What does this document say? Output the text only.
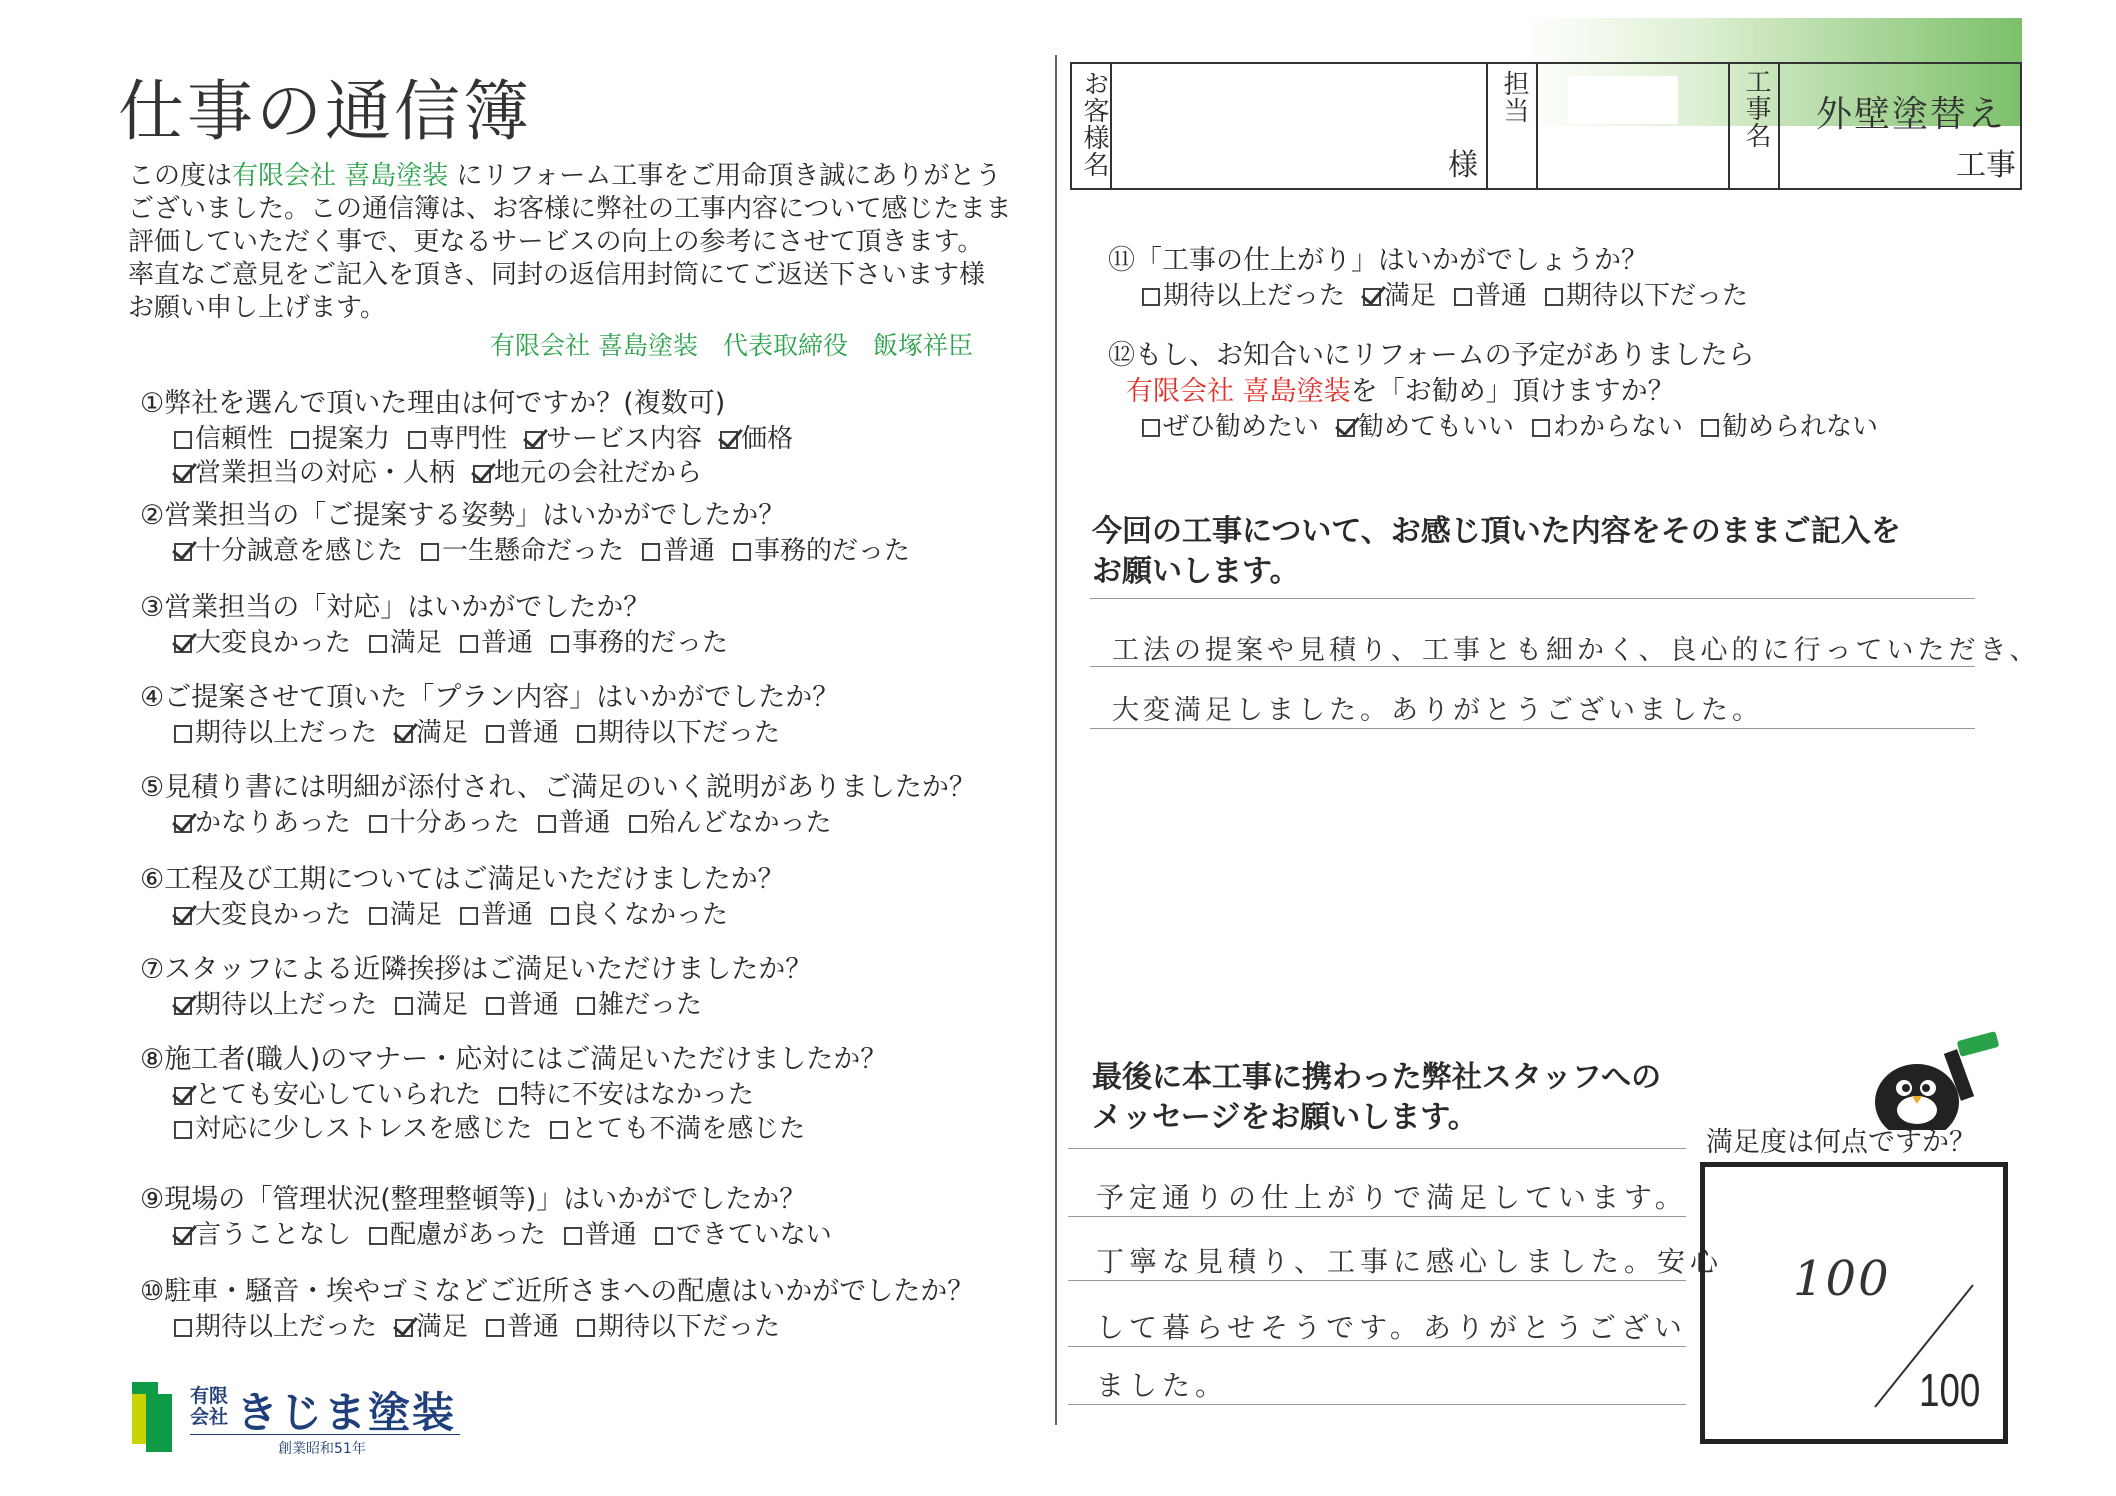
仕事の通信簿
この度は有限会社 喜島塗装 にリフォーム工事をご用命頂き誠にありがとう
ございました。この通信簿は、お客様に弊社の工事内容について感じたまま
評価していただく事で、更なるサービスの向上の参考にさせて頂きます。
率直なご意見をご記入を頂き、同封の返信用封筒にてご返送下さいます様
お願い申し上げます。
有限会社 喜島塗装　代表取締役　飯塚祥臣
①弊社を選んで頂いた理由は何ですか？(複数可)
信頼性 提案力 専門性 サービス内容 価格
営業担当の対応・人柄 地元の会社だから
②営業担当の「ご提案する姿勢」はいかがでしたか？
十分誠意を感じた 一生懸命だった 普通 事務的だった
③営業担当の「対応」はいかがでしたか？
大変良かった 満足 普通 事務的だった
④ご提案させて頂いた「プラン内容」はいかがでしたか？
期待以上だった 満足 普通 期待以下だった
⑤見積り書には明細が添付され、ご満足のいく説明がありましたか？
かなりあった 十分あった 普通 殆んどなかった
⑥工程及び工期についてはご満足いただけましたか？
大変良かった 満足 普通 良くなかった
⑦スタッフによる近隣挨拶はご満足いただけましたか？
期待以上だった 満足 普通 雑だった
⑧施工者(職人)のマナー・応対にはご満足いただけましたか？
とても安心していられた 特に不安はなかった
対応に少しストレスを感じた とても不満を感じた
⑨現場の「管理状況(整理整頓等)」はいかがでしたか？
言うことなし 配慮があった 普通 できていない
⑩駐車・騒音・埃やゴミなどご近所さまへの配慮はいかがでしたか？
期待以上だった 満足 普通 期待以下だった
有限
会社 きじま塗装
創業昭和51年
お客様名	様
担当	工事名 外壁塗替え
工事
⑪「工事の仕上がり」はいかがでしょうか？
期待以上だった 満足 普通 期待以下だった
⑫もし、お知合いにリフォームの予定がありましたら
有限会社 喜島塗装を「お勧め」頂けますか？
ぜひ勧めたい 勧めてもいい わからない 勧められない
今回の工事について、お感じ頂いた内容をそのままご記入を
お願いします。
工法の提案や見積り、工事とも細かく、良心的に行っていただき、
大変満足しました。ありがとうございました。
最後に本工事に携わった弊社スタッフへの
メッセージをお願いします。
予定通りの仕上がりで満足しています。
丁寧な見積り、工事に感心しました。安心
して暮らせそうです。ありがとうござい
ました。
満足度は何点ですか？
100
100
